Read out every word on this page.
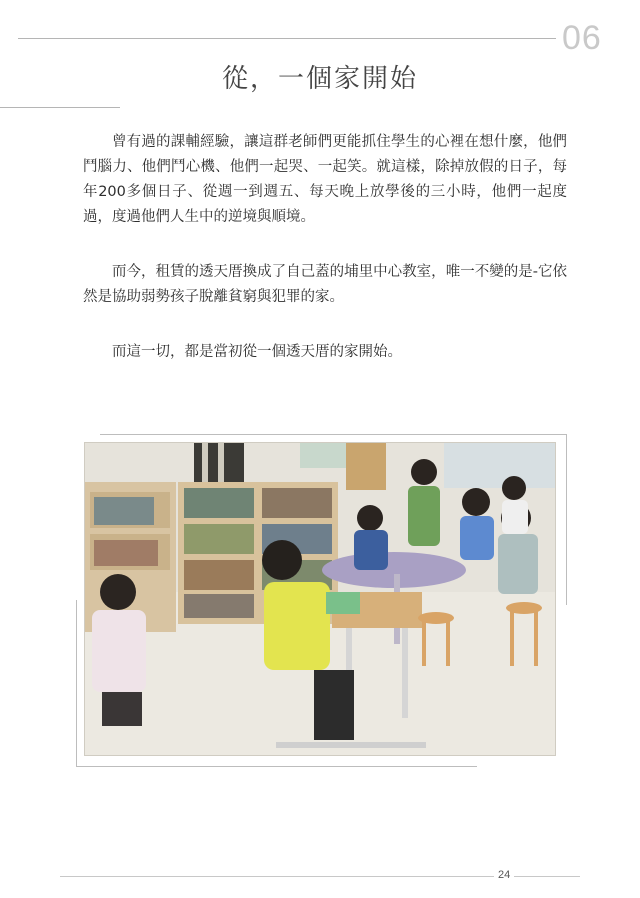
06
從，一個家開始

曾有過的課輔經驗，讓這群老師們更能抓住學生的心裡在想什麼，他們鬥腦力、他們鬥心機、他們一起哭、一起笑。就這樣，除掉放假的日子，每年200多個日子、從週一到週五、每天晚上放學後的三小時，他們一起度過，度過他們人生中的逆境與順境。

而今，租賃的透天厝換成了自己蓋的埔里中心教室，唯一不變的是-它依然是協助弱勢孩子脫離貧窮與犯罪的家。

而這一切，都是當初從一個透天厝的家開始。

24
